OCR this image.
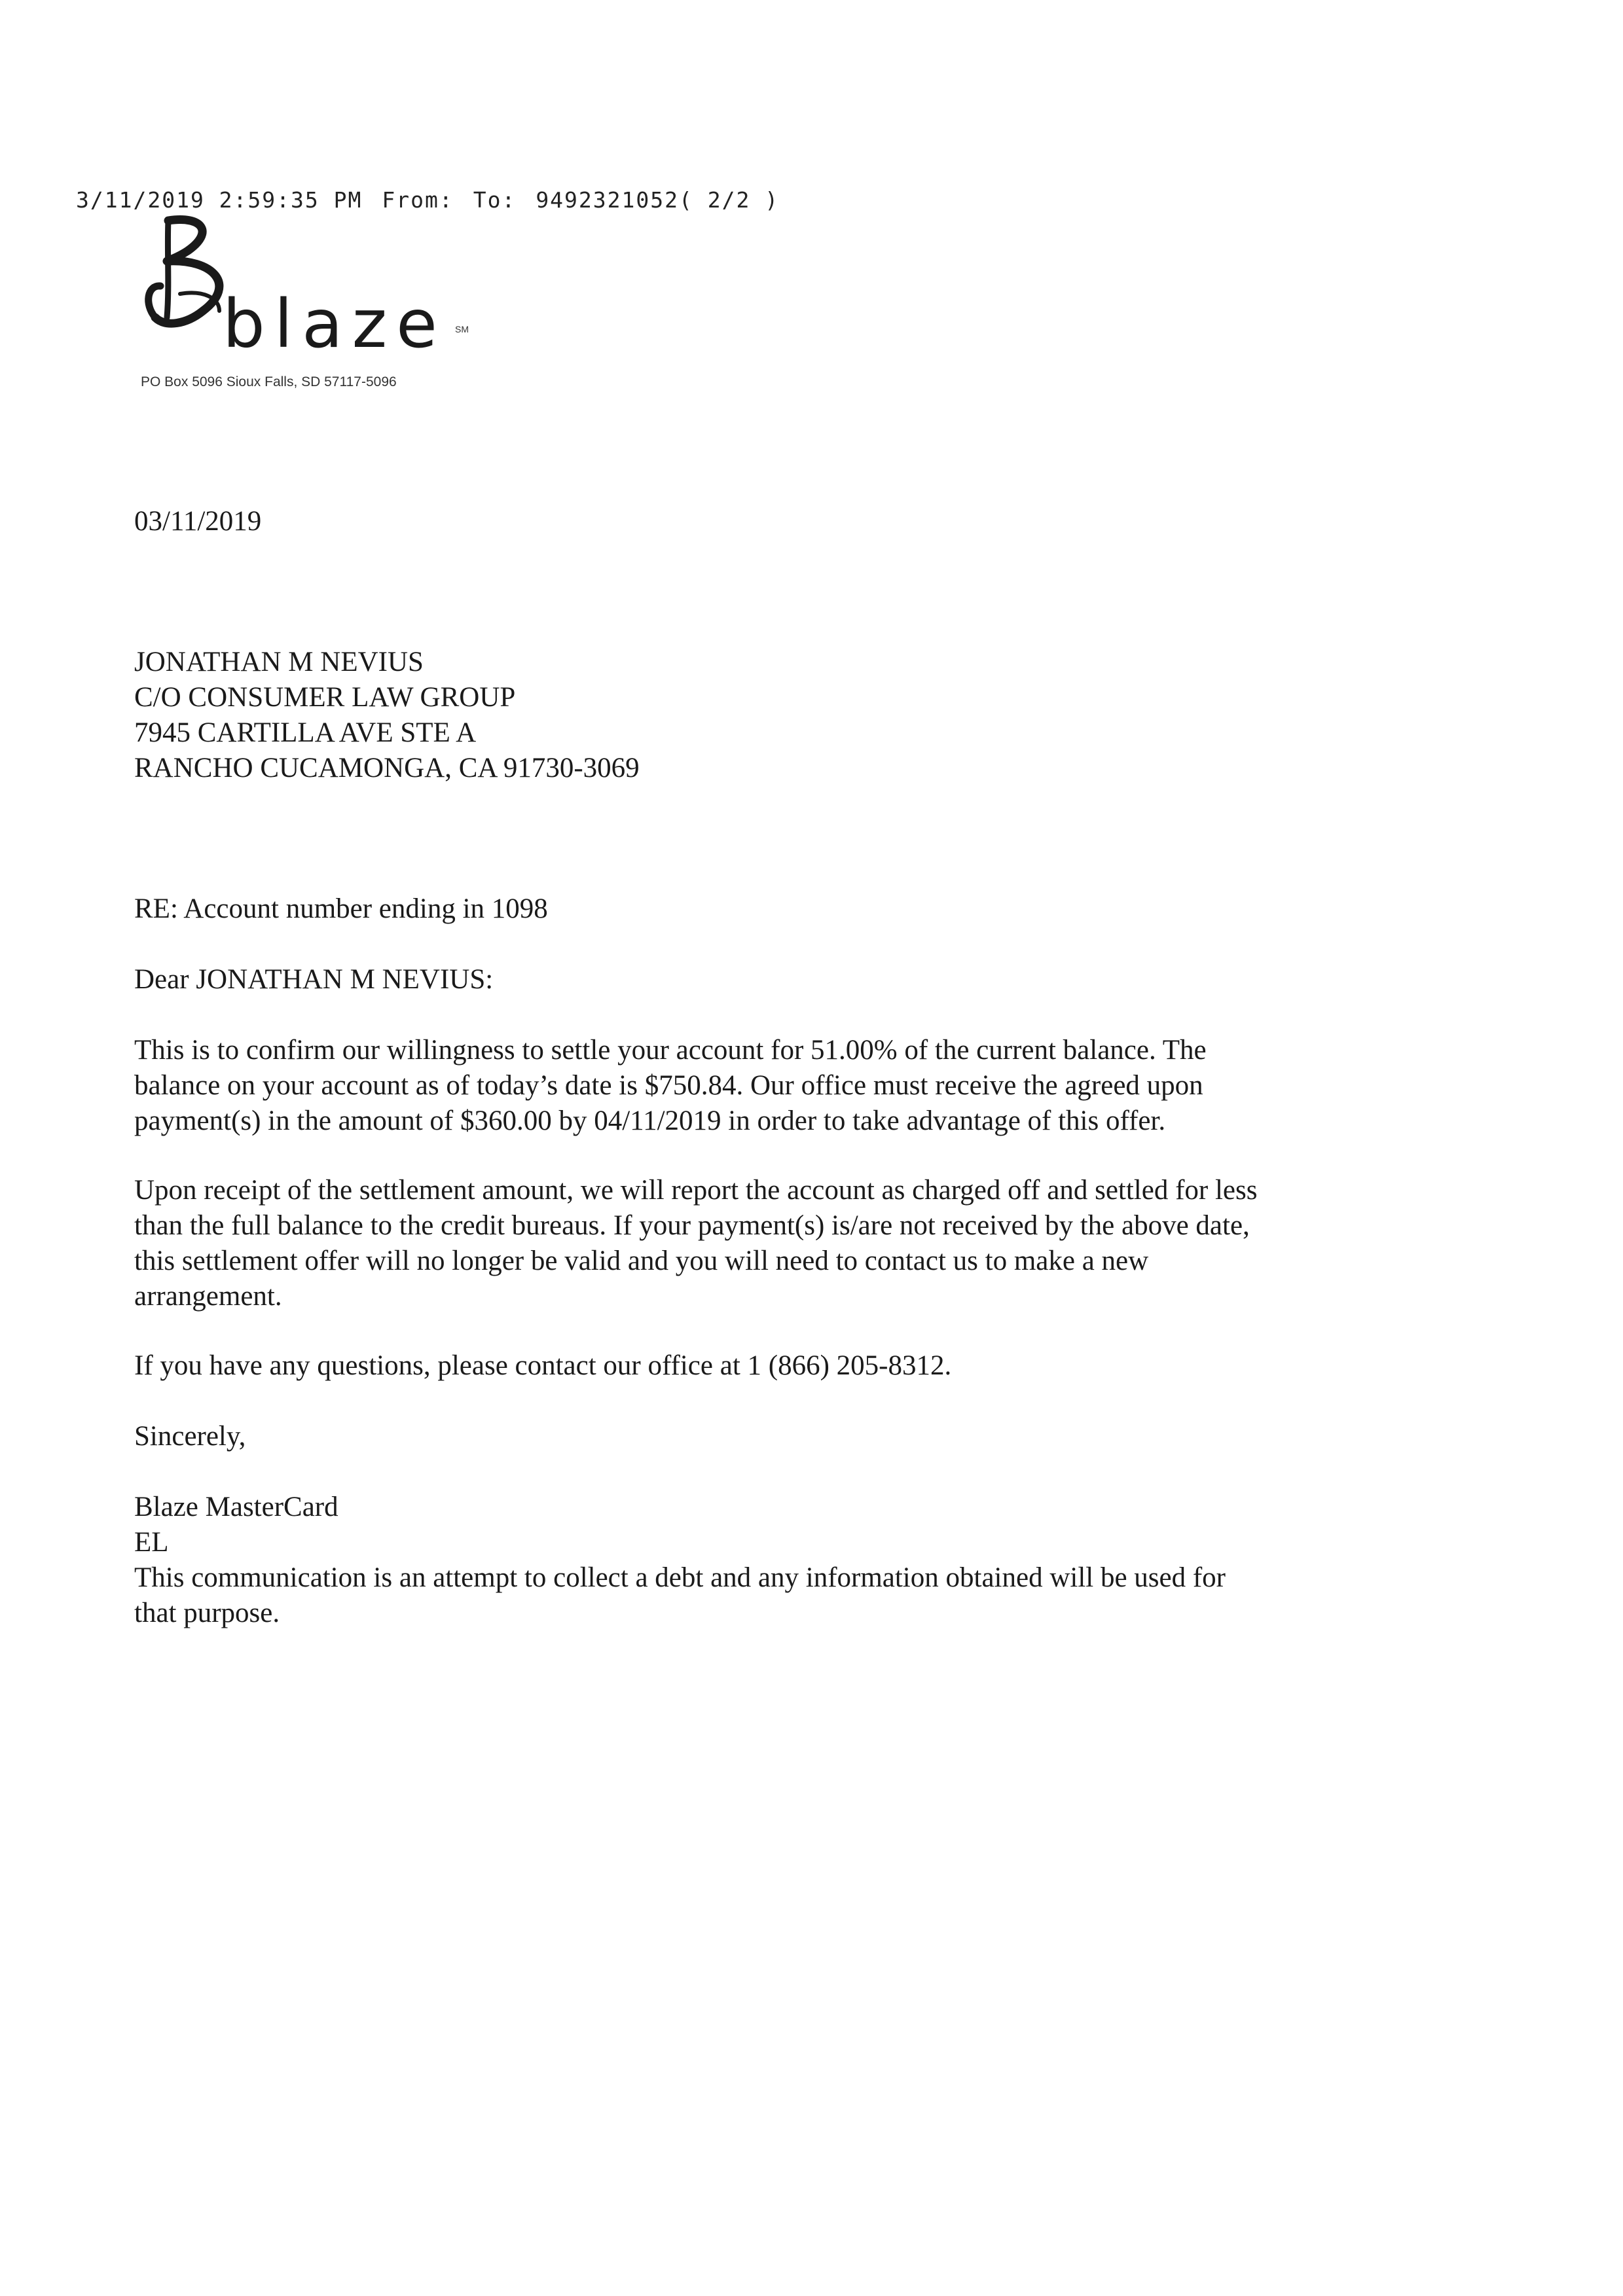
3/11/2019 2:59:35 PM From: To: 9492321052( 2/2 )
blaze SM
PO Box 5096 Sioux Falls, SD 57117-5096
03/11/2019
JONATHAN M NEVIUS
C/O CONSUMER LAW GROUP
7945 CARTILLA AVE STE A
RANCHO CUCAMONGA, CA 91730-3069
RE: Account number ending in 1098
Dear JONATHAN M NEVIUS:
This is to confirm our willingness to settle your account for 51.00% of the current balance. The
balance on your account as of today’s date is $750.84. Our office must receive the agreed upon
payment(s) in the amount of $360.00 by 04/11/2019 in order to take advantage of this offer.
Upon receipt of the settlement amount, we will report the account as charged off and settled for less
than the full balance to the credit bureaus. If your payment(s) is/are not received by the above date,
this settlement offer will no longer be valid and you will need to contact us to make a new
arrangement.
If you have any questions, please contact our office at 1 (866) 205-8312.
Sincerely,
Blaze MasterCard
EL
This communication is an attempt to collect a debt and any information obtained will be used for
that purpose.
